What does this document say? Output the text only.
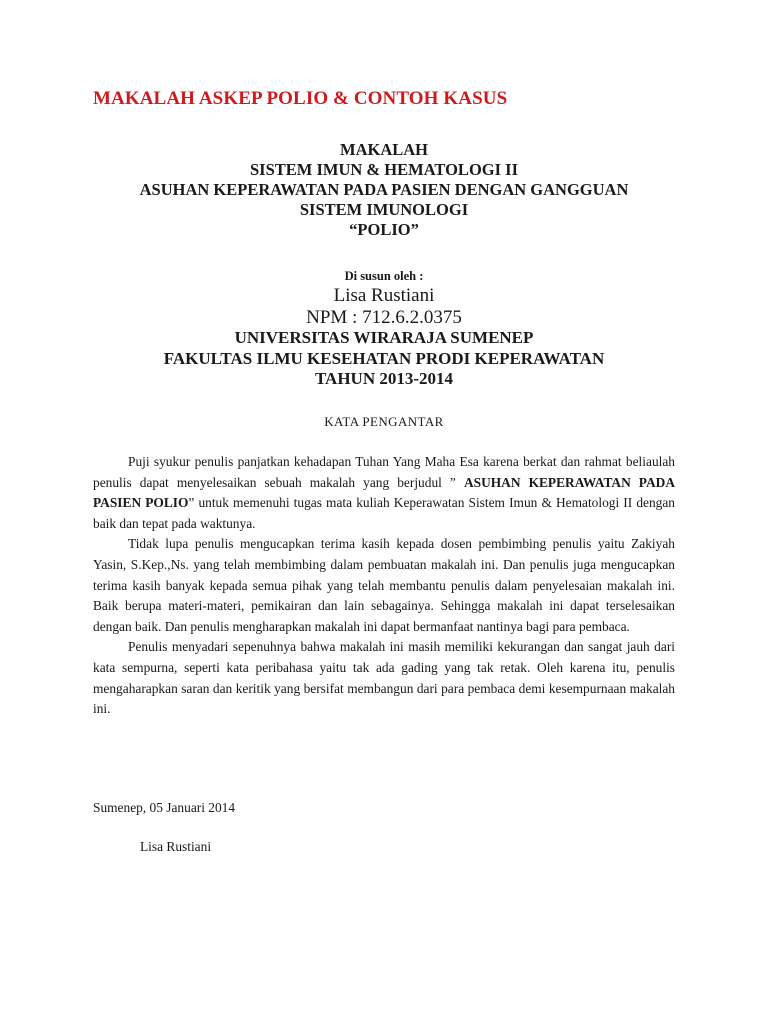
MAKALAH ASKEP POLIO & CONTOH KASUS
MAKALAH
SISTEM IMUN & HEMATOLOGI II
ASUHAN KEPERAWATAN PADA PASIEN DENGAN GANGGUAN
SISTEM IMUNOLOGI
“POLIO”
Di susun oleh :
Lisa Rustiani
NPM : 712.6.2.0375
UNIVERSITAS WIRARAJA SUMENEP
FAKULTAS ILMU KESEHATAN PRODI KEPERAWATAN
TAHUN 2013-2014
KATA PENGANTAR

Puji syukur penulis panjatkan kehadapan Tuhan Yang Maha Esa karena berkat dan rahmat beliaulah penulis dapat menyelesaikan sebuah makalah yang berjudul ” ASUHAN KEPERAWATAN PADA PASIEN POLIO” untuk memenuhi tugas mata kuliah Keperawatan Sistem Imun & Hematologi II dengan baik dan tepat pada waktunya.

Tidak lupa penulis mengucapkan terima kasih kepada dosen pembimbing penulis yaitu Zakiyah Yasin, S.Kep.,Ns. yang telah membimbing dalam pembuatan makalah ini. Dan penulis juga mengucapkan terima kasih banyak kepada semua pihak yang telah membantu penulis dalam penyelesaian makalah ini. Baik berupa materi-materi, pemikairan dan lain sebagainya. Sehingga makalah ini dapat terselesaikan dengan baik. Dan penulis mengharapkan makalah ini dapat bermanfaat nantinya bagi para pembaca.

Penulis menyadari sepenuhnya bahwa makalah ini masih memiliki kekurangan dan sangat jauh dari kata sempurna, seperti kata peribahasa yaitu tak ada gading yang tak retak. Oleh karena itu, penulis mengaharapkan saran dan keritik yang bersifat membangun dari para pembaca demi kesempurnaan makalah ini.

Sumenep, 05 Januari 2014
Lisa Rustiani
